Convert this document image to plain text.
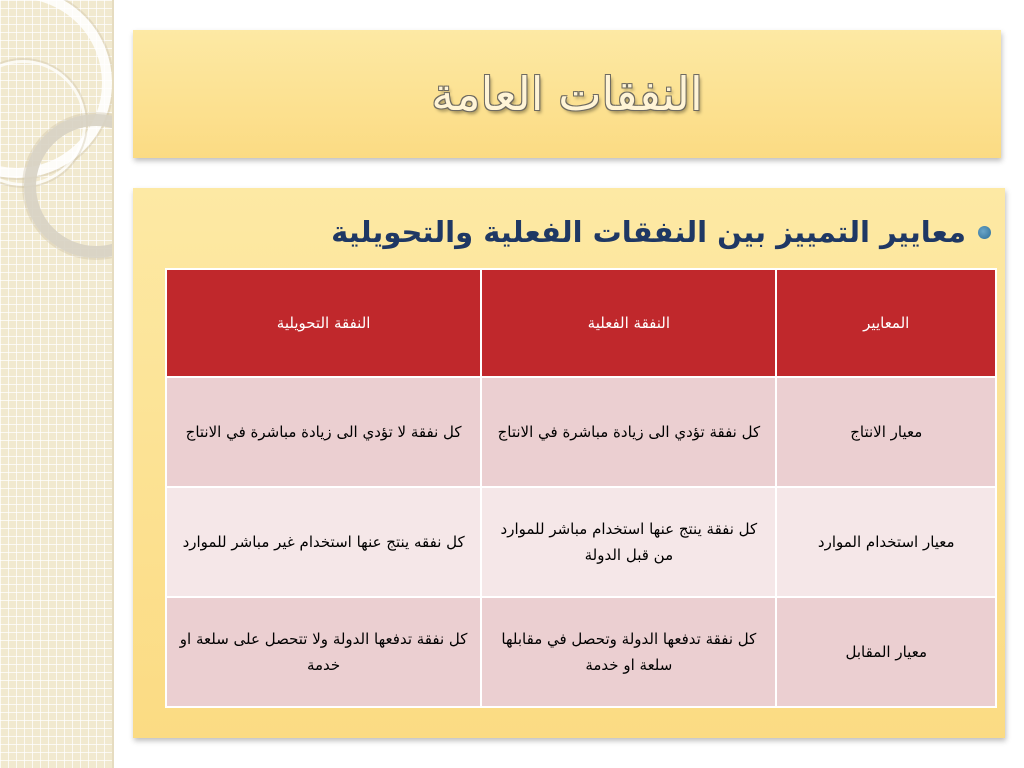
النفقات العامة
معايير التمييز بين النفقات الفعلية والتحويلية
المعايير	النفقة الفعلية	النفقة التحويلية
معيار الانتاج	كل نفقة تؤدي الى زيادة مباشرة في الانتاج	كل نفقة لا تؤدي الى زيادة مباشرة في الانتاج
معيار استخدام الموارد	كل نفقة ينتج عنها استخدام مباشر للموارد من قبل الدولة	كل نفقه ينتج عنها استخدام غير مباشر للموارد
معيار المقابل	كل نفقة تدفعها الدولة وتحصل في مقابلها سلعة او خدمة	كل نفقة تدفعها الدولة ولا تتحصل على سلعة او خدمة
